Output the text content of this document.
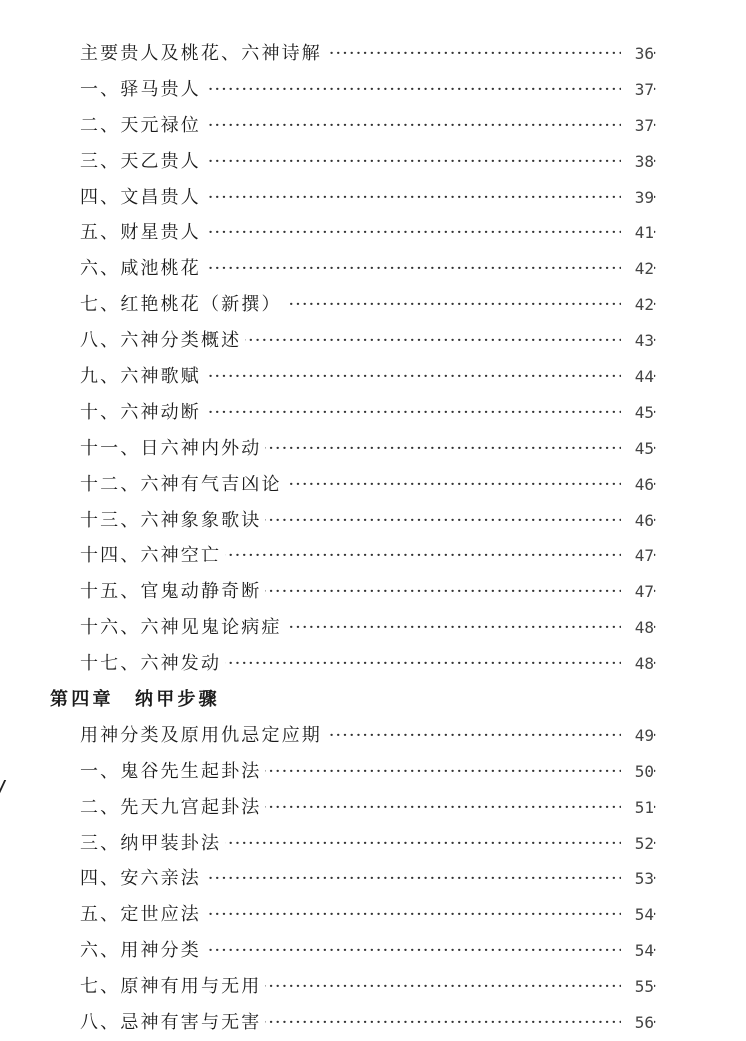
主要贵人及桃花、六神诗解 ·····	36
一、驿马贵人 ·····	37
二、天元禄位 ·····	37
三、天乙贵人 ·····	38
四、文昌贵人 ·····	39
五、财星贵人 ·····	41
六、咸池桃花 ·····	42
七、红艳桃花（新撰） ·····	42
八、六神分类概述 ·····	43
九、六神歌赋 ·····	44
十、六神动断 ·····	45
十一、日六神内外动 ·····	45
十二、六神有气吉凶论 ·····	46
十三、六神象象歌诀 ·····	46
十四、六神空亡 ·····	47
十五、官鬼动静奇断 ·····	47
十六、六神见鬼论病症 ·····	48
十七、六神发动 ·····	48
第四章　纳甲步骤
用神分类及原用仇忌定应期 ·····	49
一、鬼谷先生起卦法 ·····	50
二、先天九宫起卦法 ·····	51
三、纳甲装卦法 ·····	52
四、安六亲法 ·····	53
五、定世应法 ·····	54
六、用神分类 ·····	54
七、原神有用与无用 ·····	55
八、忌神有害与无害 ·····	56
